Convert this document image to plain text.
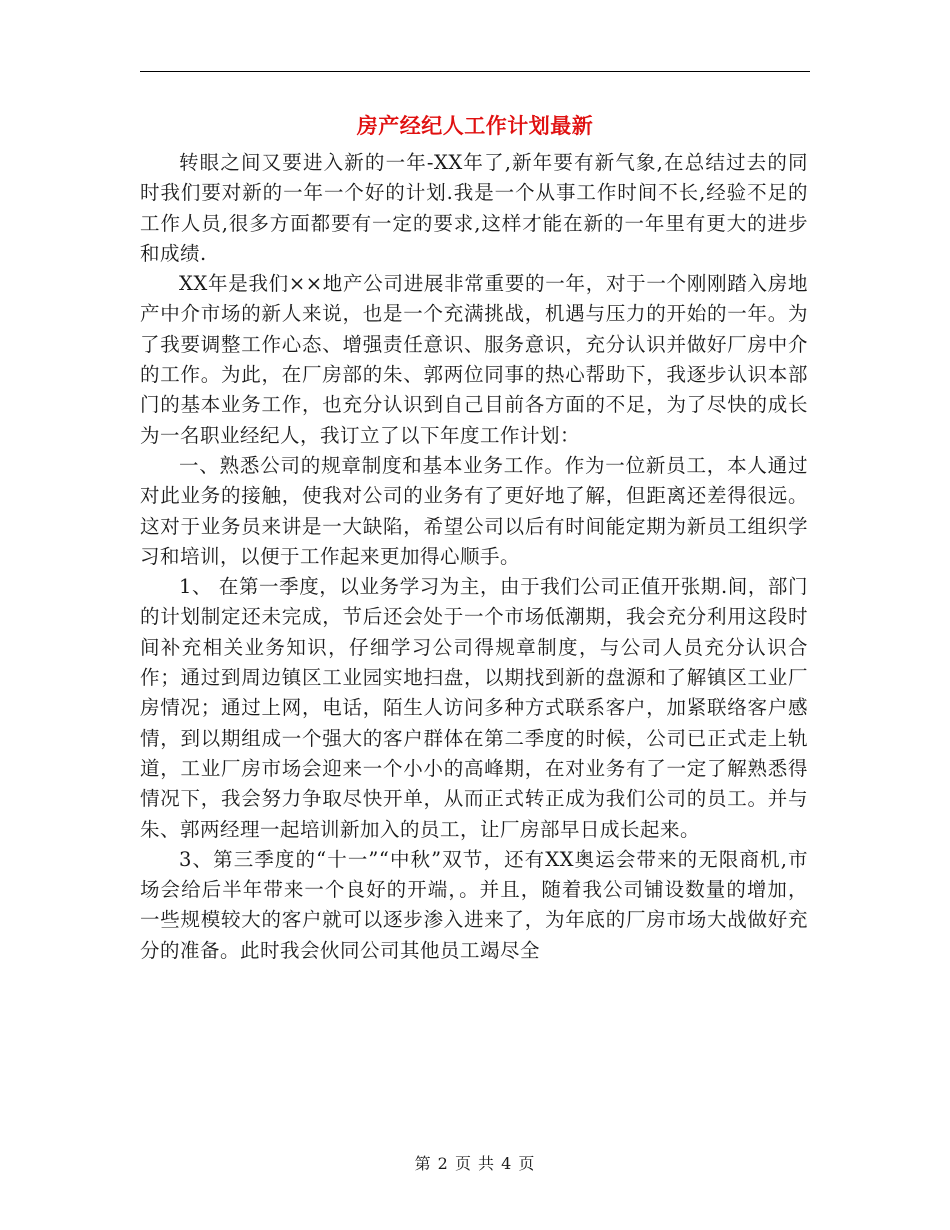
房产经纪人工作计划最新

转眼之间又要进入新的一年-XX年了,新年要有新气象,在总结过去的同时我们要对新的一年一个好的计划.我是一个从事工作时间不长,经验不足的工作人员,很多方面都要有一定的要求,这样才能在新的一年里有更大的进步和成绩.

XX年是我们××地产公司进展非常重要的一年，对于一个刚刚踏入房地产中介市场的新人来说，也是一个充满挑战，机遇与压力的开始的一年。为了我要调整工作心态、增强责任意识、服务意识，充分认识并做好厂房中介的工作。为此，在厂房部的朱、郭两位同事的热心帮助下，我逐步认识本部门的基本业务工作，也充分认识到自己目前各方面的不足，为了尽快的成长为一名职业经纪人，我订立了以下年度工作计划：

一、熟悉公司的规章制度和基本业务工作。作为一位新员工，本人通过对此业务的接触，使我对公司的业务有了更好地了解，但距离还差得很远。这对于业务员来讲是一大缺陷，希望公司以后有时间能定期为新员工组织学习和培训，以便于工作起来更加得心顺手。

1、 在第一季度，以业务学习为主，由于我们公司正值开张期.间，部门的计划制定还未完成，节后还会处于一个市场低潮期，我会充分利用这段时间补充相关业务知识，仔细学习公司得规章制度，与公司人员充分认识合作；通过到周边镇区工业园实地扫盘，以期找到新的盘源和了解镇区工业厂房情况；通过上网，电话，陌生人访问多种方式联系客户，加紧联络客户感情，到以期组成一个强大的客户群体在第二季度的时候，公司已正式走上轨道，工业厂房市场会迎来一个小小的高峰期，在对业务有了一定了解熟悉得情况下，我会努力争取尽快开单，从而正式转正成为我们公司的员工。并与朱、郭两经理一起培训新加入的员工，让厂房部早日成长起来。

3、第三季度的“十一”“中秋”双节，还有XX奥运会带来的无限商机,市场会给后半年带来一个良好的开端，。并且，随着我公司铺设数量的增加，一些规模较大的客户就可以逐步渗入进来了，为年底的厂房市场大战做好充分的准备。此时我会伙同公司其他员工竭尽全

第 2 页 共 4 页
